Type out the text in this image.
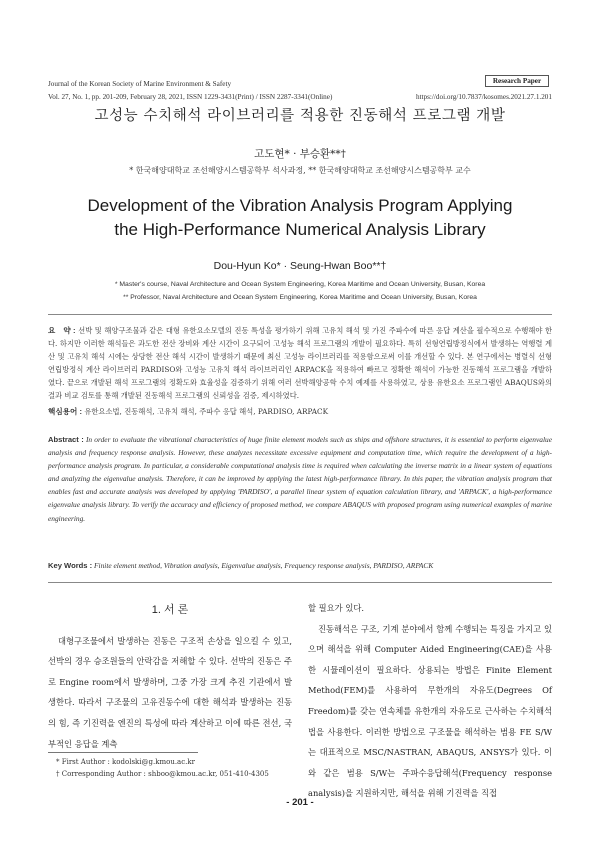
Journal of the Korean Society of Marine Environment & Safety	Research Paper
Vol. 27, No. 1, pp. 201-209, February 28, 2021, ISSN 1229-3431(Print) / ISSN 2287-3341(Online)	https://doi.org/10.7837/kosomes.2021.27.1.201
고성능 수치해석 라이브러리를 적용한 진동해석 프로그램 개발
고도현* · 부승환**†
* 한국해양대학교 조선해양시스템공학부 석사과정, ** 한국해양대학교 조선해양시스템공학부 교수
Development of the Vibration Analysis Program Applying
the High-Performance Numerical Analysis Library
Dou-Hyun Ko* · Seung-Hwan Boo**†
* Master's course, Naval Architecture and Ocean System Engineering, Korea Maritime and Ocean University, Busan, Korea
** Professor, Naval Architecture and Ocean System Engineering, Korea Maritime and Ocean University, Busan, Korea
요　약 : 선박 및 해양구조물과 같은 대형 유한요소모델의 진동 특성을 평가하기 위해 고유치 해석 및 가진 주파수에 따른 응답 계산을 필수적으로 수행해야 한다. 하지만 이러한 해석들은 과도한 전산 장비와 계산 시간이 요구되어 고성능 해석 프로그램의 개발이 필요하다. 특히 선형연립방정식에서 발생하는 역행렬 계산 및 고유치 해석 시에는 상당한 전산 해석 시간이 발생하기 때문에 최신 고성능 라이브러리를 적용함으로써 이를 개선할 수 있다. 본 연구에서는 병렬식 선형연립방정식 계산 라이브러리 PARDISO와 고성능 고유치 해석 라이브러리인 ARPACK을 적용하여 빠르고 정확한 해석이 가능한 진동해석 프로그램을 개발하였다. 끝으로 개발된 해석 프로그램의 정확도와 효율성을 검증하기 위해 여러 선박해양공학 수치 예제를 사용하였고, 상용 유한요소 프로그램인 ABAQUS와의 결과 비교 검토를 통해 개발된 진동해석 프로그램의 신뢰성을 검증, 제시하였다.
핵심용어 : 유한요소법, 진동해석, 고유치 해석, 주파수 응답 해석, PARDISO, ARPACK
Abstract : In order to evaluate the vibrational characteristics of huge finite element models such as ships and offshore structures, it is essential to perform eigenvalue analysis and frequency response analysis. However, these analyzes necessitate excessive equipment and computation time, which require the development of a high-performance analysis program. In particular, a considerable computational analysis time is required when calculating the inverse matrix in a linear system of equations and analyzing the eigenvalue analysis. Therefore, it can be improved by applying the latest high-performance library. In this paper, the vibration analysis program that enables fast and accurate analysis was developed by applying 'PARDISO', a parallel linear system of equation calculation library, and 'ARPACK', a high-performance eigenvalue analysis library. To verify the accuracy and efficiency of proposed method, we compare ABAQUS with proposed program using numerical examples of marine engineering.
Key Words : Finite element method, Vibration analysis, Eigenvalue analysis, Frequency response analysis, PARDISO, ARPACK
1. 서 론
대형구조물에서 발생하는 진동은 구조적 손상을 일으킬 수 있고, 선박의 경우 승조원들의 안락감을 저해할 수 있다. 선박의 진동은 주로 Engine room에서 발생하며, 그중 가장 크게 추진 기관에서 발생한다. 따라서 구조물의 고유진동수에 대한 해석과 발생하는 진동의 힘, 즉 기진력을 엔진의 특성에 따라 계산하고 이에 따른 전선, 국부적인 응답을 계측
* First Author : kodolski@g.kmou.ac.kr
† Corresponding Author : shboo@kmou.ac.kr, 051-410-4305
할 필요가 있다.
진동해석은 구조, 기계 분야에서 함께 수행되는 특징을 가지고 있으며 해석을 위해 Computer Aided Engineering(CAE)을 사용한 시뮬레이션이 필요하다. 상용되는 방법은 Finite Element Method(FEM)를 사용하여 무한개의 자유도(Degrees Of Freedom)를 갖는 연속체를 유한개의 자유도로 근사하는 수치해석법을 사용한다. 이러한 방법으로 구조물을 해석하는 범용 FE S/W는 대표적으로 MSC/NASTRAN, ABAQUS, ANSYS가 있다. 이와 같은 범용 S/W는 주파수응답해석(Frequency response analysis)을 지원하지만, 해석을 위해 기진력을 직접
- 201 -
